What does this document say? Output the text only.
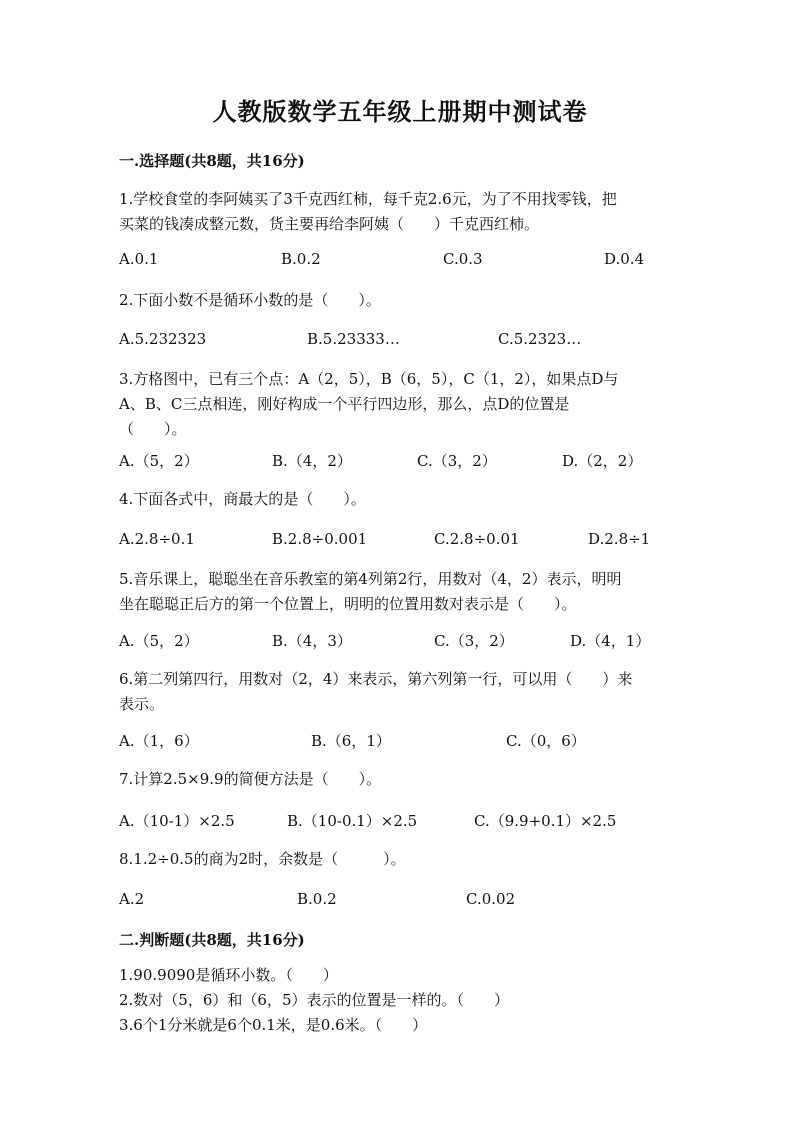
人教版数学五年级上册期中测试卷
一.选择题(共8题，共16分)
1.学校食堂的李阿姨买了3千克西红柿，每千克2.6元，为了不用找零钱，把
买菜的钱凑成整元数，货主要再给李阿姨（　　）千克西红柿。
A.0.1	B.0.2	C.0.3	D.0.4
2.下面小数不是循环小数的是（　　）。
A.5.232323	B.5.23333…	C.5.2323…
3.方格图中，已有三个点：A（2，5），B（6，5），C（1，2），如果点D与
A、B、C三点相连，刚好构成一个平行四边形，那么，点D的位置是
（　　）。
A.（5，2）	B.（4，2）	C.（3，2）	D.（2，2）
4.下面各式中，商最大的是（　　）。
A.2.8÷0.1	B.2.8÷0.001	C.2.8÷0.01	D.2.8÷1
5.音乐课上，聪聪坐在音乐教室的第4列第2行，用数对（4，2）表示，明明
坐在聪聪正后方的第一个位置上，明明的位置用数对表示是（　　）。
A.（5，2）	B.（4，3）	C.（3，2）	D.（4，1）
6.第二列第四行，用数对（2，4）来表示，第六列第一行，可以用（　　）来
表示。
A.（1，6）	B.（6，1）	C.（0，6）
7.计算2.5×9.9的简便方法是（　　）。
A.（10-1）×2.5	B.（10-0.1）×2.5	C.（9.9+0.1）×2.5
8.1.2÷0.5的商为2时，余数是（　　　）。
A.2	B.0.2	C.0.02
二.判断题(共8题，共16分)
1.90.9090是循环小数。（　　）
2.数对（5，6）和（6，5）表示的位置是一样的。（　　）
3.6个1分米就是6个0.1米，是0.6米。（　　）
